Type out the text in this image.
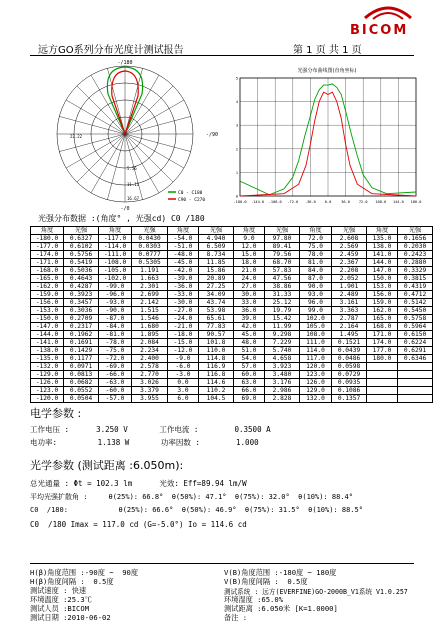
BICOM
远方GO系列分布光度计测试报告	第 1 页 共 1 页
-/180
-/90
-/0
5.56
11.11
16.67
22.22
C0 - C180
C90 - C270
光强分布曲线图(直角坐标)
-180.0 -144.0 -108.0 -72.0 -36.0 0.0	36.0 72.0 108.0 144.0 180.0
0
1
2
3
4
5
光强分布数据 :(角度° , 光强cd) C0 /180
角度	光强	角度	光强	角度	光强	角度	光强	角度	光强	角度	光强
-180.0	0.6327	-117.0	0.0430	-54.0	4.940	9.0	97.80	72.0	2.608	135.0	0.1656
-177.0	0.6102	-114.0	0.0303	-51.0	6.509	12.0	89.41	75.0	2.569	138.0	0.2030
-174.0	0.5756	-111.0	0.0777	-48.0	8.734	15.0	79.56	78.0	2.459	141.0	0.2423
-171.0	0.5419	-108.0	0.5305	-45.0	11.85	18.0	68.70	81.0	2.367	144.0	0.2880
-168.0	0.5036	-105.0	1.191	-42.0	15.86	21.0	57.83	84.0	2.208	147.0	0.3329
-165.0	0.4643	-102.0	1.663	-39.0	20.89	24.0	47.56	87.0	2.052	150.0	0.3815
-162.0	0.4287	-99.0	2.301	-36.0	27.25	27.0	38.86	90.0	1.901	153.0	0.4319
-159.0	0.3923	-96.0	2.699	-33.0	34.09	30.0	31.33	93.0	2.489	156.0	0.4712
-156.0	0.3457	-93.0	2.142	-30.0	43.74	33.0	25.12	96.0	3.161	159.0	0.5142
-153.0	0.3036	-90.0	1.515	-27.0	53.98	36.0	19.79	99.0	3.363	162.0	0.5450
-150.0	0.2709	-87.0	1.546	-24.0	65.61	39.0	15.42	102.0	2.787	165.0	0.5758
-147.0	0.2317	-84.0	1.680	-21.0	77.83	42.0	11.99	105.0	2.164	168.0	0.5964
-144.0	0.1962	-81.0	1.895	-18.0	90.57	45.0	9.298	108.0	1.495	171.0	0.6150
-141.0	0.1691	-78.0	2.084	-15.0	101.8	48.0	7.229	111.0	0.1521	174.0	0.6224
-138.0	0.1429	-75.0	2.234	-12.0	110.0	51.0	5.740	114.0	0.0439	177.0	0.6291
-135.0	0.1177	-72.0	2.400	-9.0	114.8	54.0	4.658	117.0	0.0486	180.0	0.6346
-132.0	0.0971	-69.0	2.578	-6.0	116.9	57.0	3.923	120.0	0.0598		
-129.0	0.0813	-66.0	2.770	-3.0	116.8	60.0	3.480	123.0	0.0729		
-126.0	0.0682	-63.0	3.026	0.0	114.6	63.0	3.176	126.0	0.0935		
-123.0	0.0552	-60.0	3.379	3.0	110.2	66.0	2.986	129.0	0.1086		
-120.0	0.0504	-57.0	3.955	6.0	104.5	69.0	2.828	132.0	0.1357		
电学参数 :
工作电压 :      3.250 V       工作电流 :        0.3500 A
电功率:         1.138 W       功率因数 :        1.000
光学参数 (测试距离 :6.050m):
总光通量 : Φt = 102.3 lm      光效: Eff=89.94 lm/W
平均光强扩散角 :     θ(25%): 66.8°  θ(50%): 47.1°  θ(75%): 32.0°  θ(10%): 88.4°
C0  /180:            θ(25%): 66.6°  θ(50%): 46.9°  θ(75%): 31.5°  θ(10%): 88.5°
C0  /180 Imax = 117.0 cd (G=-5.0°) Io = 114.6 cd
H(β)角度范围 :-90度 ~  90度
H(β)角度间隔 :  0.5度
测试速度 : 快速
环境温度 :25.3℃
测试人员 :BICOM
测试日期 :2010-06-02
V(B)角度范围 :-180度 ~ 180度
V(B)角度间隔 :  0.5度
测试系统 : 远方(EVERFINE)GO-2000B_V1系统 V1.0.257
环境湿度 :65.0%
测试距离 :6.050米 [K=1.0000]
备注 :
